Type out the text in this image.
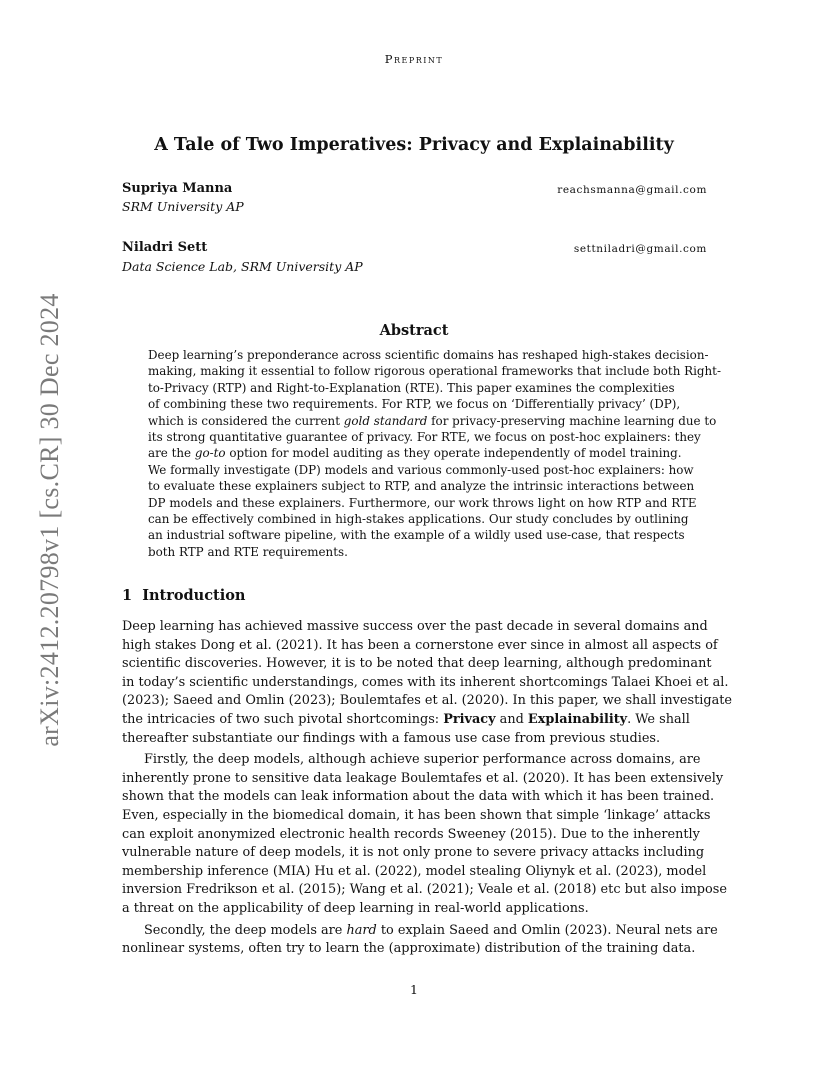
Preprint
A Tale of Two Imperatives: Privacy and Explainability
Supriya Manna
SRM University AP
reachsmanna@gmail.com
Niladri Sett
Data Science Lab, SRM University AP
settniladri@gmail.com
arXiv:2412.20798v1 [cs.CR] 30 Dec 2024	Abstract
Deep learning’s preponderance across scientific domains has reshaped high-stakes decision-
making, making it essential to follow rigorous operational frameworks that include both Right-
to-Privacy (RTP) and Right-to-Explanation (RTE). This paper examines the complexities
of combining these two requirements. For RTP, we focus on ‘Differentially privacy’ (DP),
which is considered the current gold standard for privacy-preserving machine learning due to
its strong quantitative guarantee of privacy. For RTE, we focus on post-hoc explainers: they
are the go-to option for model auditing as they operate independently of model training.
We formally investigate (DP) models and various commonly-used post-hoc explainers: how
to evaluate these explainers subject to RTP, and analyze the intrinsic interactions between
DP models and these explainers. Furthermore, our work throws light on how RTP and RTE
can be effectively combined in high-stakes applications. Our study concludes by outlining
an industrial software pipeline, with the example of a wildly used use-case, that respects
both RTP and RTE requirements.
1 Introduction
Deep learning has achieved massive success over the past decade in several domains and
high stakes Dong et al. (2021). It has been a cornerstone ever since in almost all aspects of
scientific discoveries. However, it is to be noted that deep learning, although predominant
in today’s scientific understandings, comes with its inherent shortcomings Talaei Khoei et al.
(2023); Saeed and Omlin (2023); Boulemtafes et al. (2020). In this paper, we shall investigate
the intricacies of two such pivotal shortcomings: Privacy and Explainability. We shall
thereafter substantiate our findings with a famous use case from previous studies.
Firstly, the deep models, although achieve superior performance across domains, are
inherently prone to sensitive data leakage Boulemtafes et al. (2020). It has been extensively
shown that the models can leak information about the data with which it has been trained.
Even, especially in the biomedical domain, it has been shown that simple ‘linkage’ attacks
can exploit anonymized electronic health records Sweeney (2015). Due to the inherently
vulnerable nature of deep models, it is not only prone to severe privacy attacks including
membership inference (MIA) Hu et al. (2022), model stealing Oliynyk et al. (2023), model
inversion Fredrikson et al. (2015); Wang et al. (2021); Veale et al. (2018) etc but also impose
a threat on the applicability of deep learning in real-world applications.
Secondly, the deep models are hard to explain Saeed and Omlin (2023). Neural nets are
nonlinear systems, often try to learn the (approximate) distribution of the training data.
1
